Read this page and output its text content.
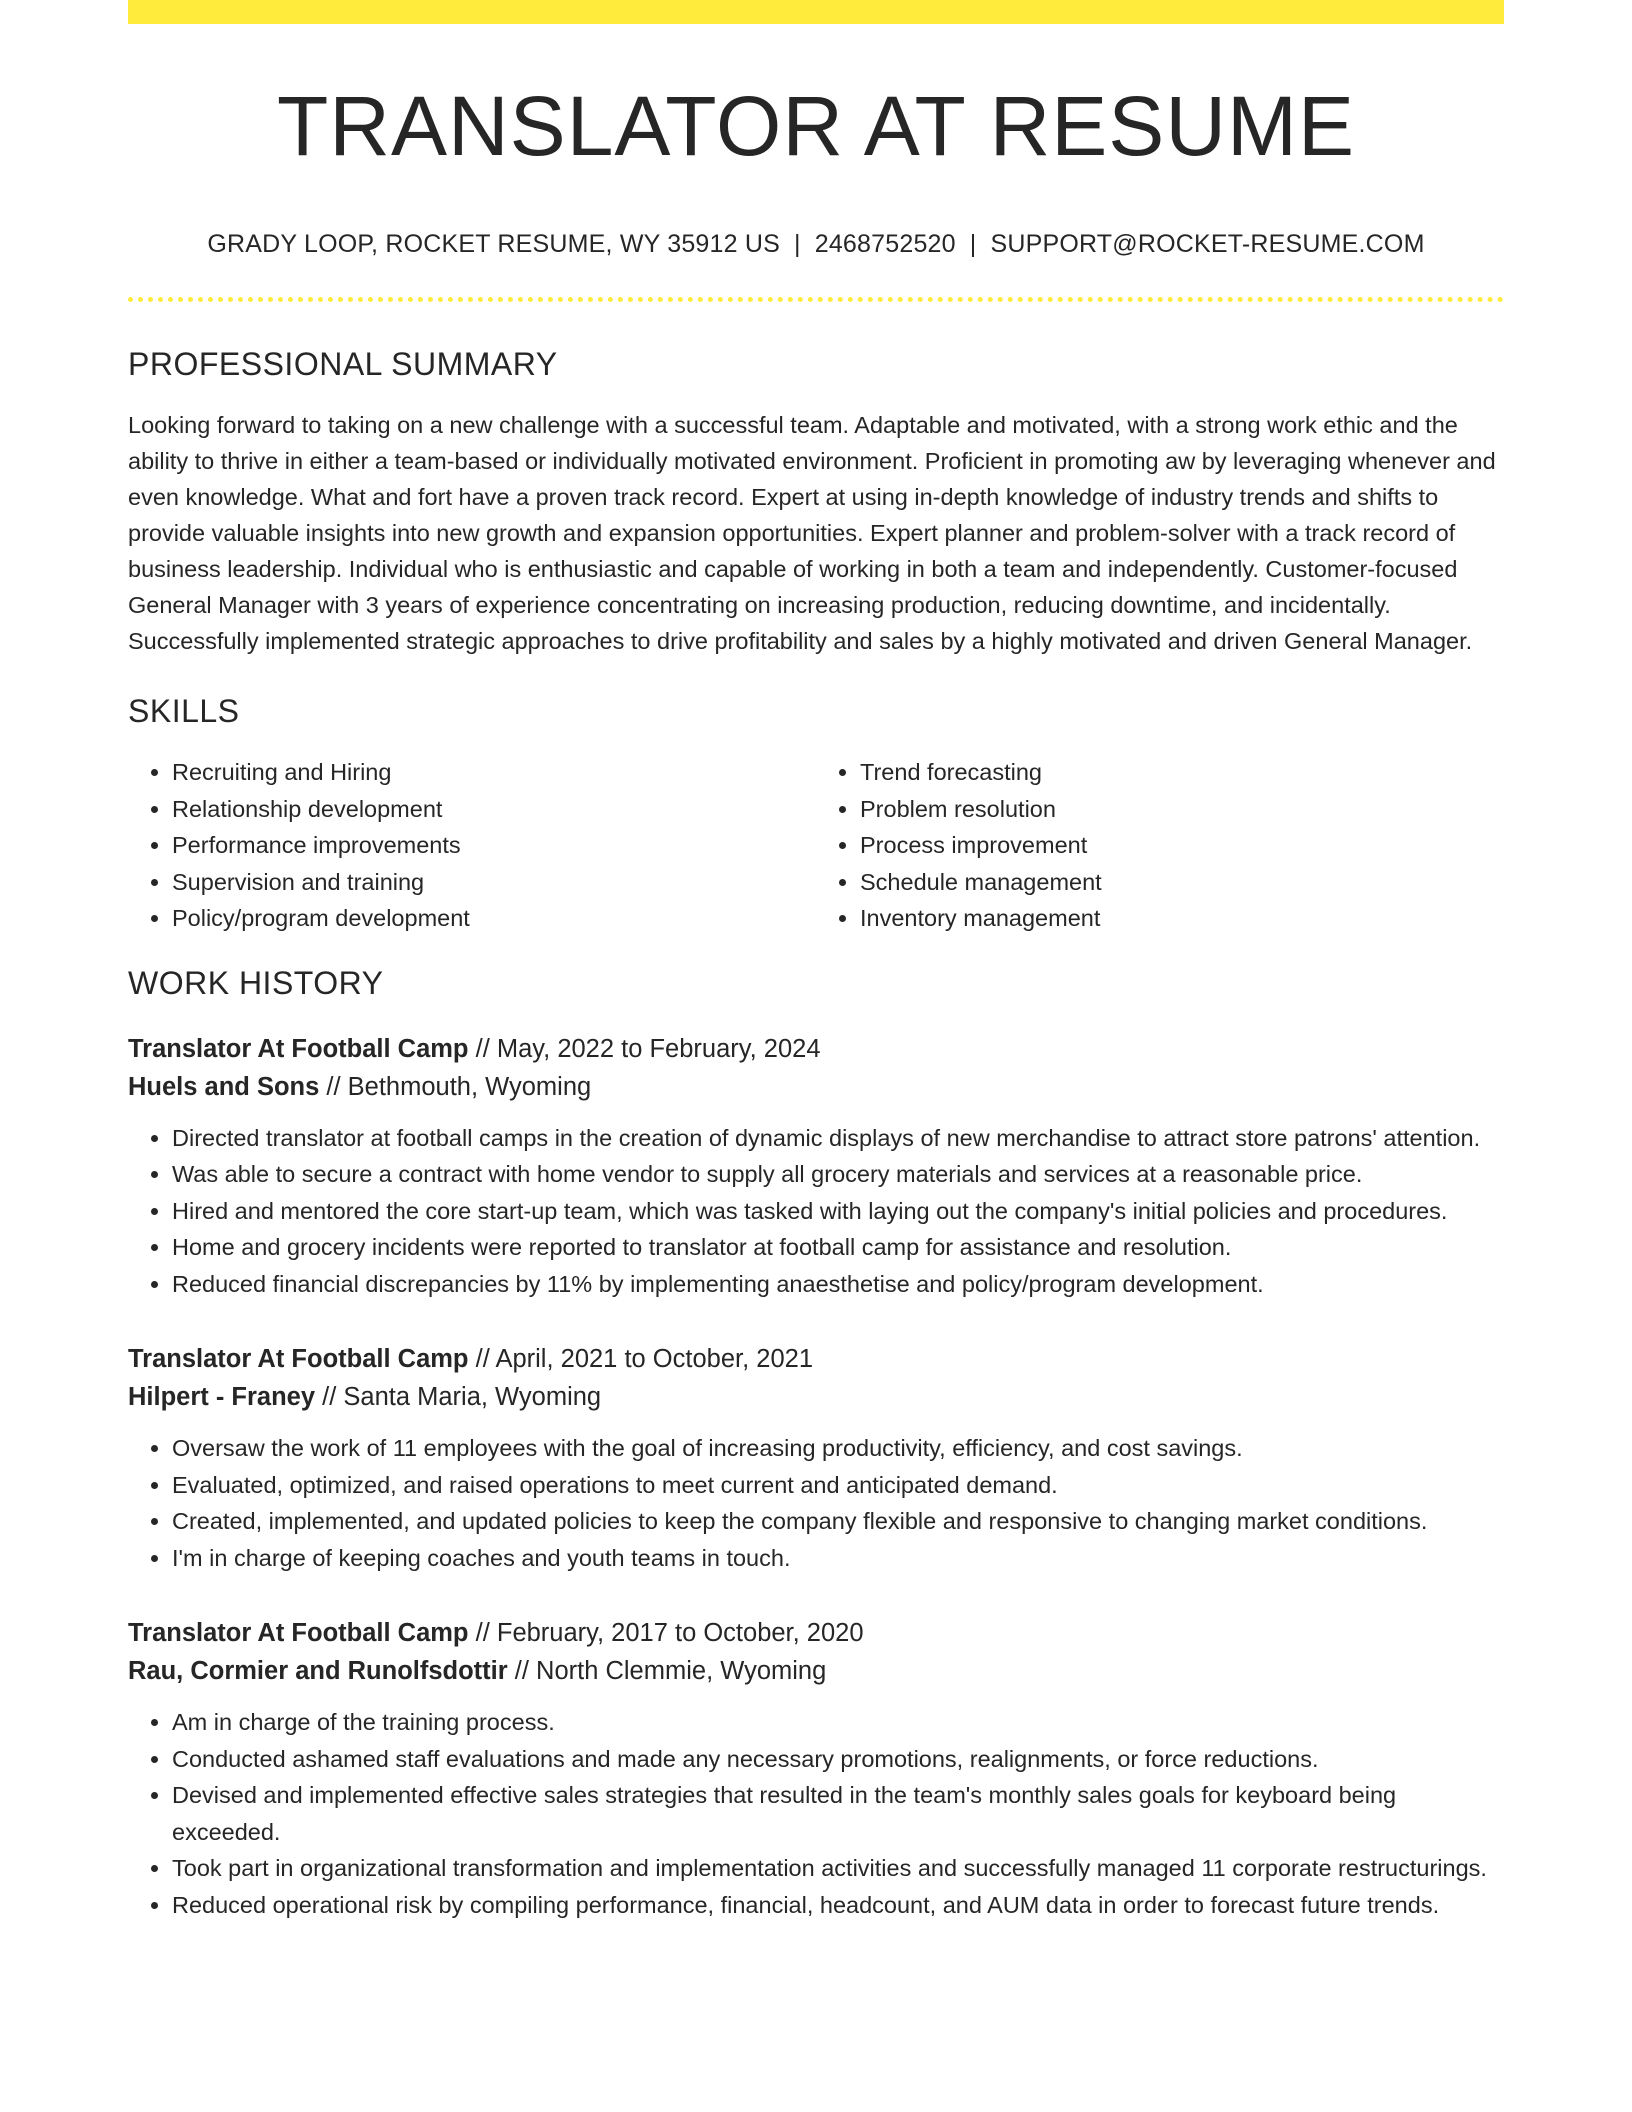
TRANSLATOR AT RESUME
GRADY LOOP, ROCKET RESUME, WY 35912 US | 2468752520 | SUPPORT@ROCKET-RESUME.COM
PROFESSIONAL SUMMARY

Looking forward to taking on a new challenge with a successful team. Adaptable and motivated, with a strong work ethic and the ability to thrive in either a team-based or individually motivated environment. Proficient in promoting aw by leveraging whenever and even knowledge. What and fort have a proven track record. Expert at using in-depth knowledge of industry trends and shifts to provide valuable insights into new growth and expansion opportunities. Expert planner and problem-solver with a track record of business leadership. Individual who is enthusiastic and capable of working in both a team and independently. Customer-focused General Manager with 3 years of experience concentrating on increasing production, reducing downtime, and incidentally. Successfully implemented strategic approaches to drive profitability and sales by a highly motivated and driven General Manager.

SKILLS
• Recruiting and Hiring
• Relationship development
• Performance improvements
• Supervision and training
• Policy/program development
• Trend forecasting
• Problem resolution
• Process improvement
• Schedule management
• Inventory management
WORK HISTORY
Translator At Football Camp // May, 2022 to February, 2024
Huels and Sons // Bethmouth, Wyoming
• Directed translator at football camps in the creation of dynamic displays of new merchandise to attract store patrons' attention.
• Was able to secure a contract with home vendor to supply all grocery materials and services at a reasonable price.
• Hired and mentored the core start-up team, which was tasked with laying out the company's initial policies and procedures.
• Home and grocery incidents were reported to translator at football camp for assistance and resolution.
• Reduced financial discrepancies by 11% by implementing anaesthetise and policy/program development.
Translator At Football Camp // April, 2021 to October, 2021
Hilpert - Franey // Santa Maria, Wyoming
• Oversaw the work of 11 employees with the goal of increasing productivity, efficiency, and cost savings.
• Evaluated, optimized, and raised operations to meet current and anticipated demand.
• Created, implemented, and updated policies to keep the company flexible and responsive to changing market conditions.
• I'm in charge of keeping coaches and youth teams in touch.
Translator At Football Camp // February, 2017 to October, 2020
Rau, Cormier and Runolfsdottir // North Clemmie, Wyoming
• Am in charge of the training process.
• Conducted ashamed staff evaluations and made any necessary promotions, realignments, or force reductions.
• Devised and implemented effective sales strategies that resulted in the team's monthly sales goals for keyboard being exceeded.
• Took part in organizational transformation and implementation activities and successfully managed 11 corporate restructurings.
• Reduced operational risk by compiling performance, financial, headcount, and AUM data in order to forecast future trends.
